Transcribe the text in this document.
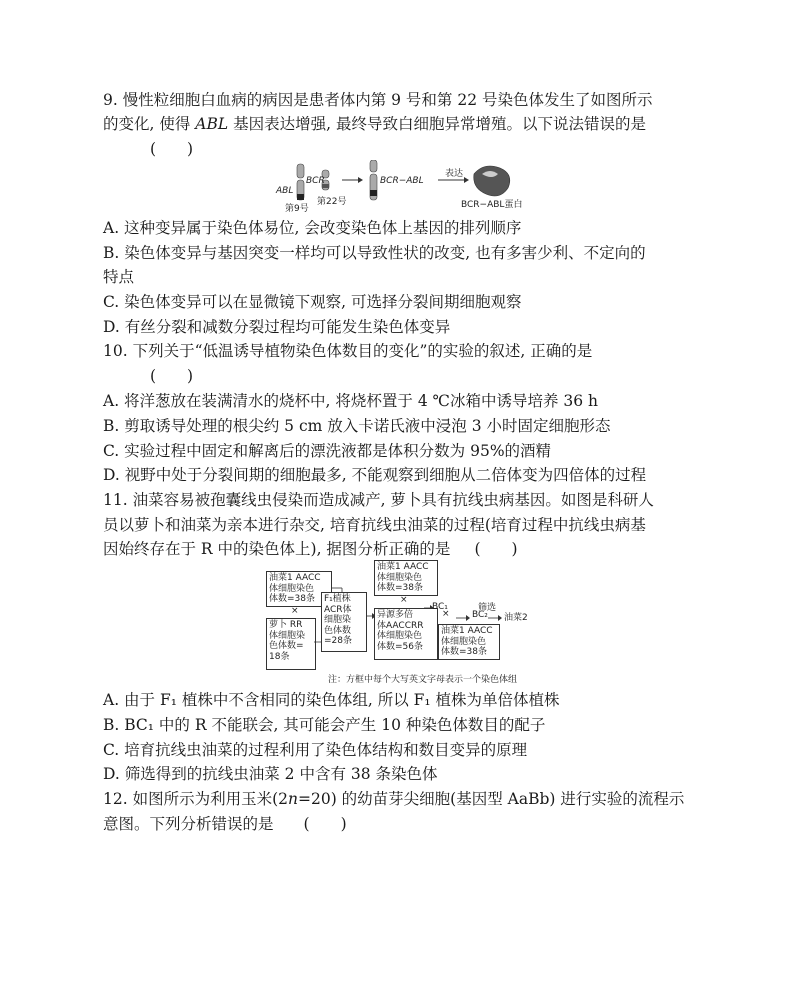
9. 慢性粒细胞白血病的病因是患者体内第 9 号和第 22 号染色体发生了如图所示
的变化, 使得 ABL 基因表达增强, 最终导致白细胞异常增殖。以下说法错误的是
(　　)
ABL
第9号
BCR
第22号
BCR−ABL
表达
BCR−ABL蛋白
A. 这种变异属于染色体易位, 会改变染色体上基因的排列顺序
B. 染色体变异与基因突变一样均可以导致性状的改变, 也有多害少利、不定向的
特点
C. 染色体变异可以在显微镜下观察, 可选择分裂间期细胞观察
D. 有丝分裂和减数分裂过程均可能发生染色体变异
10. 下列关于“低温诱导植物染色体数目的变化”的实验的叙述, 正确的是
(　　)
A. 将洋葱放在装满清水的烧杯中, 将烧杯置于 4 ℃冰箱中诱导培养 36 h
B. 剪取诱导处理的根尖约 5 cm 放入卡诺氏液中浸泡 3 小时固定细胞形态
C. 实验过程中固定和解离后的漂洗液都是体积分数为 95%的酒精
D. 视野中处于分裂间期的细胞最多, 不能观察到细胞从二倍体变为四倍体的过程
11. 油菜容易被孢囊线虫侵染而造成减产, 萝卜具有抗线虫病基因。如图是科研人
员以萝卜和油菜为亲本进行杂交, 培育抗线虫油菜的过程(培育过程中抗线虫病基
因始终存在于 R 中的染色体上), 据图分析正确的是 (　　)
油菜1 AACC
体细胞染色
体数=38条
×
萝卜 RR
体细胞染
色体数=
18条
F₁植株
ACR体
细胞染
色体数
=28条
油菜1 AACC
体细胞染色
体数=38条
×
异源多倍
体AACCRR
体细胞染色
体数=56条
BC₁
× BC₂
筛选
油菜2
油菜1 AACC
体细胞染色
体数=38条
注：方框中每个大写英文字母表示一个染色体组
A. 由于 F₁ 植株中不含相同的染色体组, 所以 F₁ 植株为单倍体植株
B. BC₁ 中的 R 不能联会, 其可能会产生 10 种染色体数目的配子
C. 培育抗线虫油菜的过程利用了染色体结构和数目变异的原理
D. 筛选得到的抗线虫油菜 2 中含有 38 条染色体
12. 如图所示为利用玉米(2n=20) 的幼苗芽尖细胞(基因型 AaBb) 进行实验的流程示
意图。下列分析错误的是 (　　)
